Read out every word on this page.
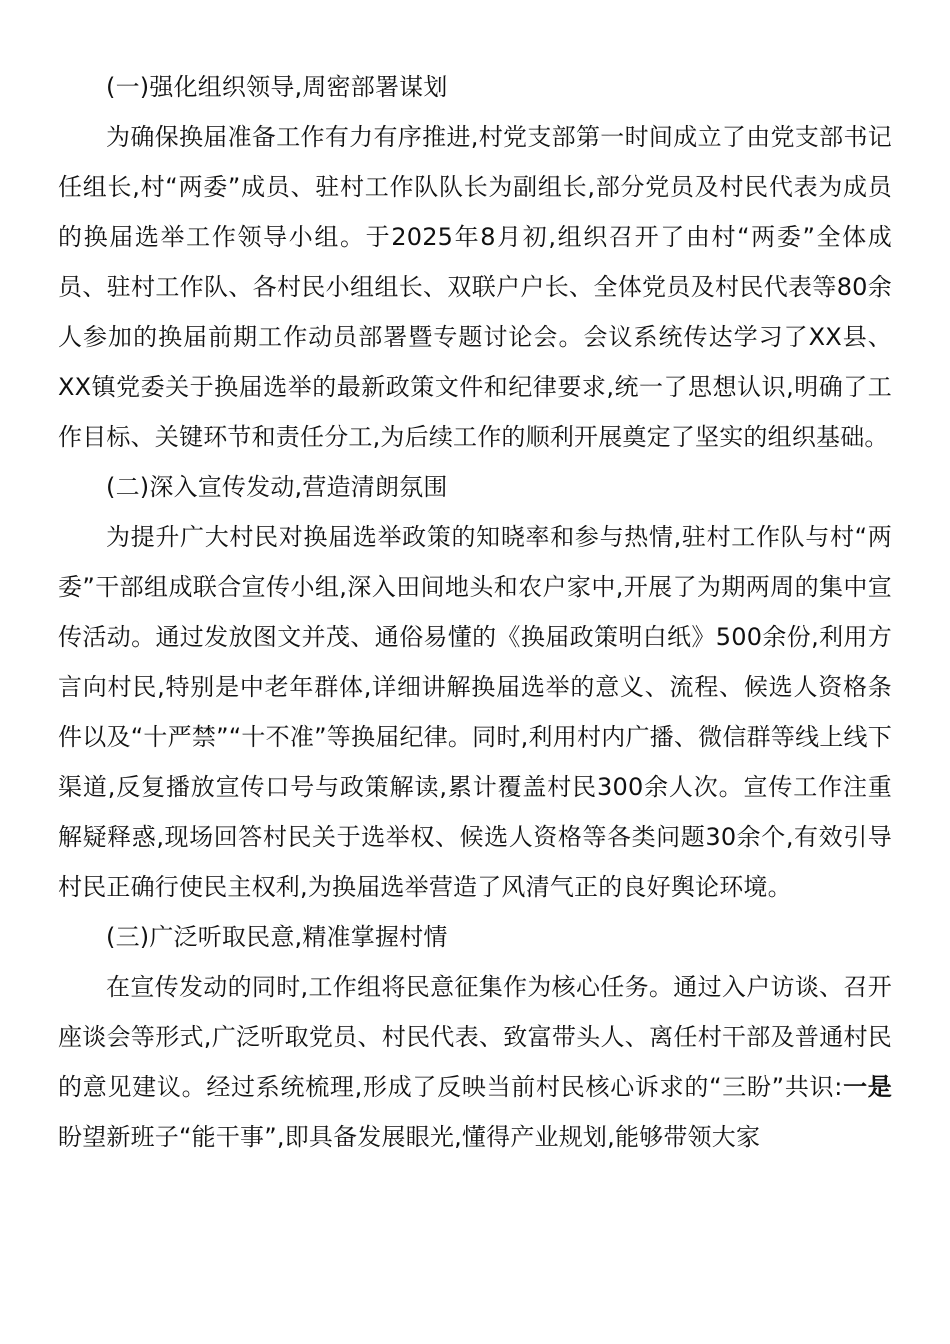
(一)强化组织领导,周密部署谋划

为确保换届准备工作有力有序推进,村党支部第一时间成立了由党支部书记任组长,村“两委”成员、驻村工作队队长为副组长,部分党员及村民代表为成员的换届选举工作领导小组。于2025年8月初,组织召开了由村“两委”全体成员、驻村工作队、各村民小组组长、双联户户长、全体党员及村民代表等80余人参加的换届前期工作动员部署暨专题讨论会。会议系统传达学习了XX县、XX镇党委关于换届选举的最新政策文件和纪律要求,统一了思想认识,明确了工作目标、关键环节和责任分工,为后续工作的顺利开展奠定了坚实的组织基础。

(二)深入宣传发动,营造清朗氛围

为提升广大村民对换届选举政策的知晓率和参与热情,驻村工作队与村“两委”干部组成联合宣传小组,深入田间地头和农户家中,开展了为期两周的集中宣传活动。通过发放图文并茂、通俗易懂的《换届政策明白纸》500余份,利用方言向村民,特别是中老年群体,详细讲解换届选举的意义、流程、候选人资格条件以及“十严禁”“十不准”等换届纪律。同时,利用村内广播、微信群等线上线下渠道,反复播放宣传口号与政策解读,累计覆盖村民300余人次。宣传工作注重解疑释惑,现场回答村民关于选举权、候选人资格等各类问题30余个,有效引导村民正确行使民主权利,为换届选举营造了风清气正的良好舆论环境。

(三)广泛听取民意,精准掌握村情

在宣传发动的同时,工作组将民意征集作为核心任务。通过入户访谈、召开座谈会等形式,广泛听取党员、村民代表、致富带头人、离任村干部及普通村民的意见建议。经过系统梳理,形成了反映当前村民核心诉求的“三盼”共识:一是盼望新班子“能干事”,即具备发展眼光,懂得产业规划,能够带领大家
